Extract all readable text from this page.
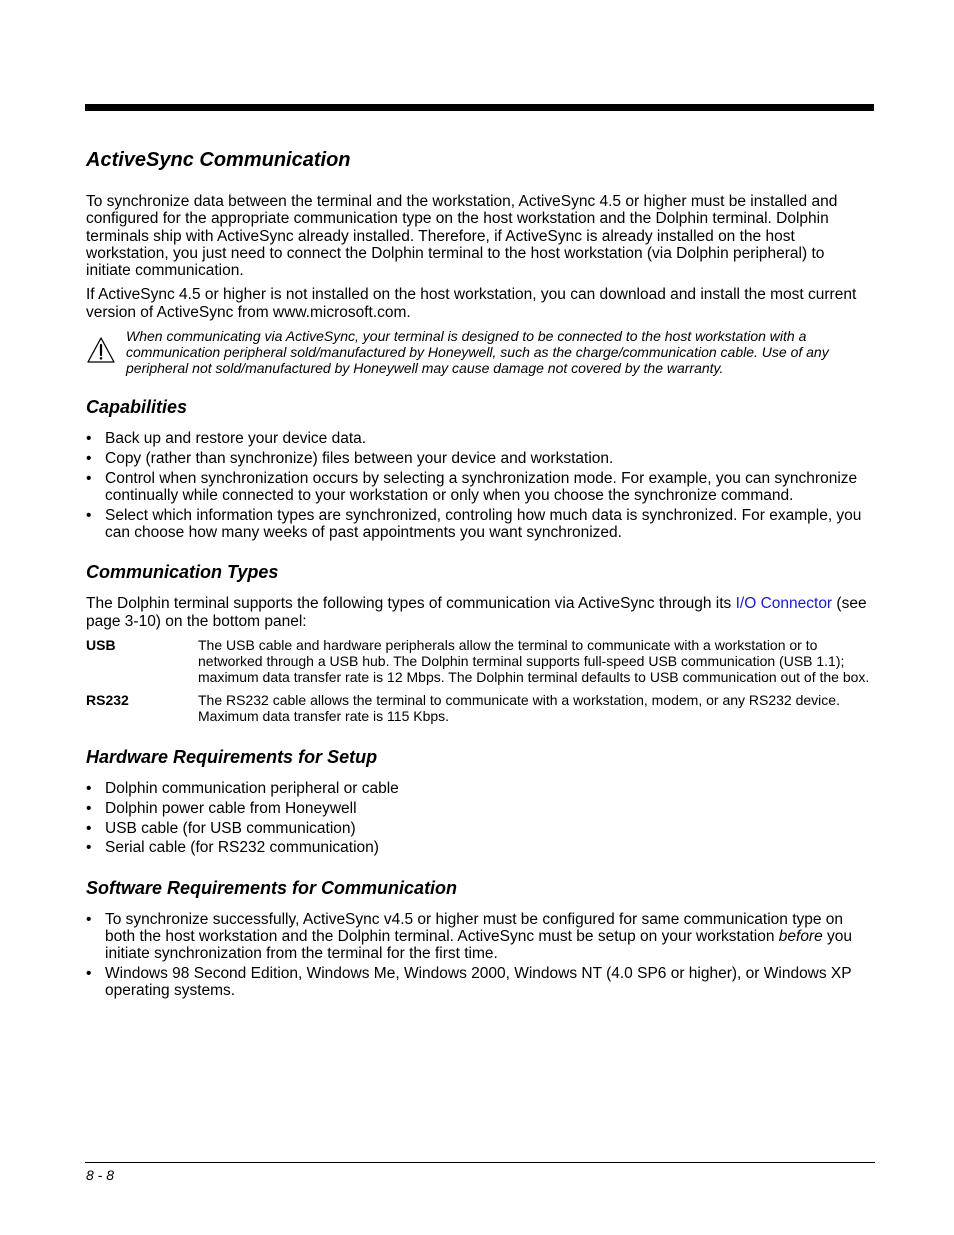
ActiveSync Communication

To synchronize data between the terminal and the workstation, ActiveSync 4.5 or higher must be installed and configured for the appropriate communication type on the host workstation and the Dolphin terminal. Dolphin terminals ship with ActiveSync already installed. Therefore, if ActiveSync is already installed on the host workstation, you just need to connect the Dolphin terminal to the host workstation (via Dolphin peripheral) to initiate communication.

If ActiveSync 4.5 or higher is not installed on the host workstation, you can download and install the most current version of ActiveSync from www.microsoft.com.

When communicating via ActiveSync, your terminal is designed to be connected to the host workstation with a communication peripheral sold/manufactured by Honeywell, such as the charge/communication cable. Use of any peripheral not sold/manufactured by Honeywell may cause damage not covered by the warranty.
Capabilities
• Back up and restore your device data.
• Copy (rather than synchronize) files between your device and workstation.
• Control when synchronization occurs by selecting a synchronization mode. For example, you can synchronize continually while connected to your workstation or only when you choose the synchronize command.
• Select which information types are synchronized, controling how much data is synchronized. For example, you can choose how many weeks of past appointments you want synchronized.
Communication Types

The Dolphin terminal supports the following types of communication via ActiveSync through its I/O Connector (see page 3-10) on the bottom panel:

USB	The USB cable and hardware peripherals allow the terminal to communicate with a workstation or to networked through a USB hub. The Dolphin terminal supports full-speed USB communication (USB 1.1); maximum data transfer rate is 12 Mbps. The Dolphin terminal defaults to USB communication out of the box.
RS232	The RS232 cable allows the terminal to communicate with a workstation, modem, or any RS232 device. Maximum data transfer rate is 115 Kbps.
Hardware Requirements for Setup
• Dolphin communication peripheral or cable
• Dolphin power cable from Honeywell
• USB cable (for USB communication)
• Serial cable (for RS232 communication)
Software Requirements for Communication
• To synchronize successfully, ActiveSync v4.5 or higher must be configured for same communication type on both the host workstation and the Dolphin terminal. ActiveSync must be setup on your workstation before you initiate synchronization from the terminal for the first time.
• Windows 98 Second Edition, Windows Me, Windows 2000, Windows NT (4.0 SP6 or higher), or Windows XP operating systems.
8 - 8
